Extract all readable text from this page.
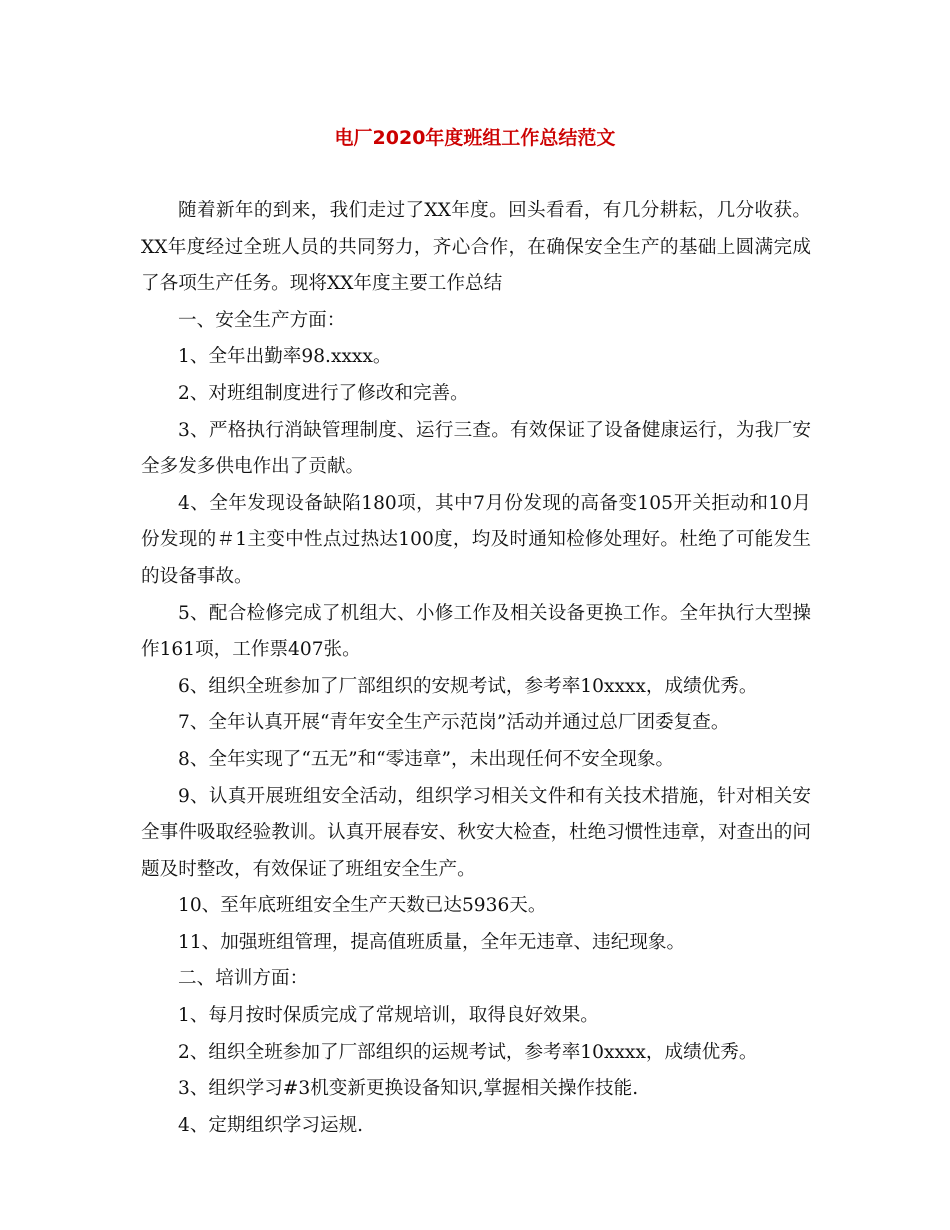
电厂2020年度班组工作总结范文

随着新年的到来，我们走过了XX年度。回头看看，有几分耕耘，几分收获。XX年度经过全班人员的共同努力，齐心合作，在确保安全生产的基础上圆满完成了各项生产任务。现将XX年度主要工作总结

一、安全生产方面：

1、全年出勤率98.xxxx。

2、对班组制度进行了修改和完善。

3、严格执行消缺管理制度、运行三查。有效保证了设备健康运行，为我厂安全多发多供电作出了贡献。

4、全年发现设备缺陷180项，其中7月份发现的高备变105开关拒动和10月份发现的＃1主变中性点过热达100度，均及时通知检修处理好。杜绝了可能发生的设备事故。

5、配合检修完成了机组大、小修工作及相关设备更换工作。全年执行大型操作161项，工作票407张。

6、组织全班参加了厂部组织的安规考试，参考率10xxxx，成绩优秀。

7、全年认真开展“青年安全生产示范岗”活动并通过总厂团委复查。

8、全年实现了“五无”和“零违章”，未出现任何不安全现象。

9、认真开展班组安全活动，组织学习相关文件和有关技术措施，针对相关安全事件吸取经验教训。认真开展春安、秋安大检查，杜绝习惯性违章，对查出的问题及时整改，有效保证了班组安全生产。

10、至年底班组安全生产天数已达5936天。

11、加强班组管理，提高值班质量，全年无违章、违纪现象。

二、培训方面：

1、每月按时保质完成了常规培训，取得良好效果。

2、组织全班参加了厂部组织的运规考试，参考率10xxxx，成绩优秀。

3、组织学习#3机变新更换设备知识,掌握相关操作技能.

4、定期组织学习运规.
